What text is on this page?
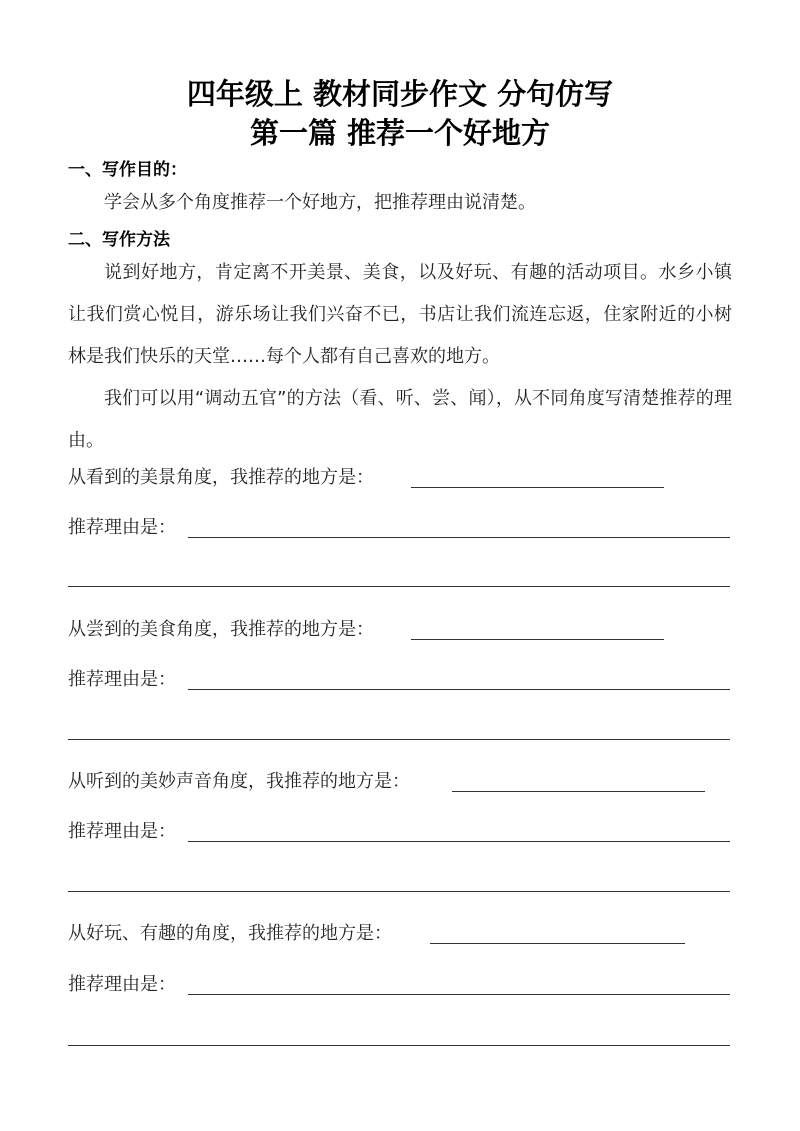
四年级上 教材同步作文 分句仿写
第一篇 推荐一个好地方
一、写作目的：
学会从多个角度推荐一个好地方，把推荐理由说清楚。
二、写作方法
说到好地方，肯定离不开美景、美食，以及好玩、有趣的活动项目。水乡小镇让我们赏心悦目，游乐场让我们兴奋不已，书店让我们流连忘返，住家附近的小树林是我们快乐的天堂……每个人都有自己喜欢的地方。
我们可以用“调动五官”的方法（看、听、尝、闻），从不同角度写清楚推荐的理由。
从看到的美景角度，我推荐的地方是：
推荐理由是：
从尝到的美食角度，我推荐的地方是：
推荐理由是：
从听到的美妙声音角度，我推荐的地方是：
推荐理由是：
从好玩、有趣的角度，我推荐的地方是：
推荐理由是：
